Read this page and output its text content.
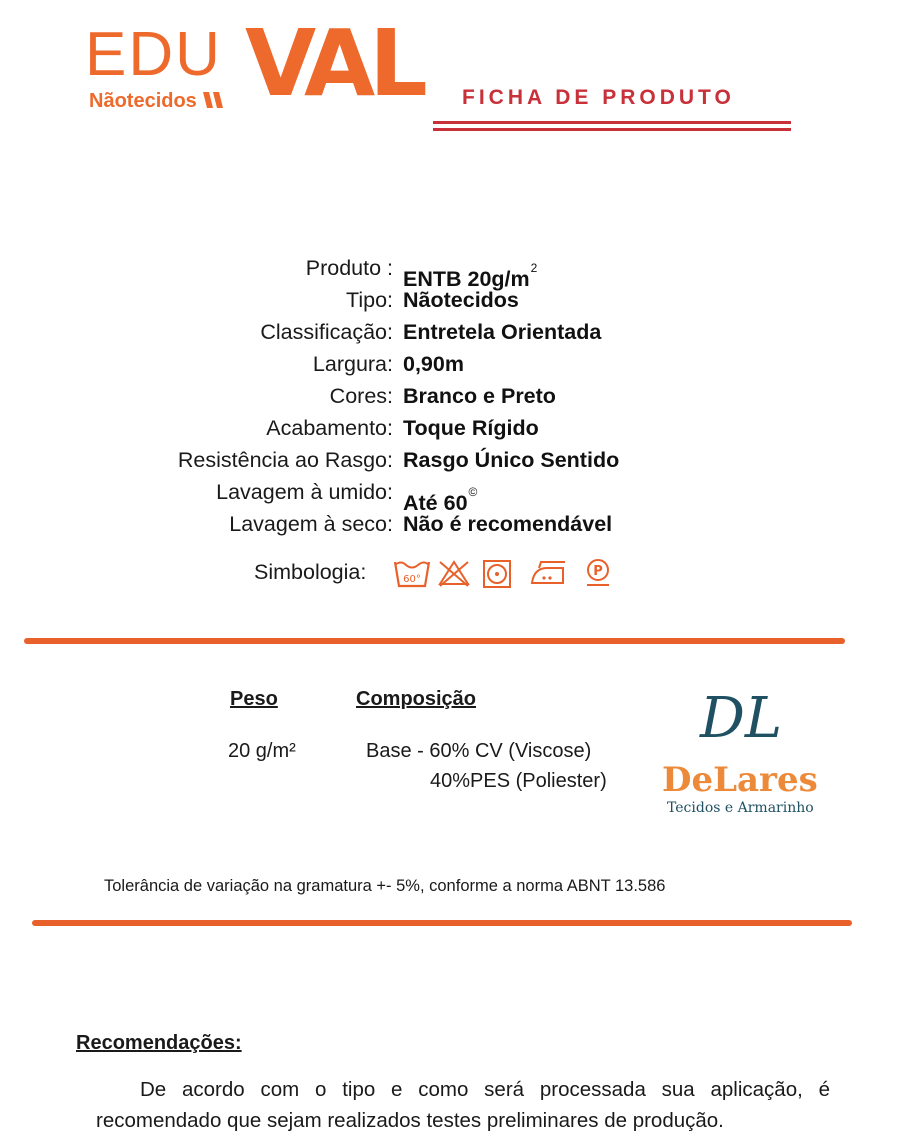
EDU VAL
Nãotecidos	FICHA DE PRODUTO
Produto : ENTB $20g/m^2$
Tipo: Nãotecidos
Classificação: Entretela Orientada
Largura: 0,90m
Cores: Branco e Preto
Acabamento: Toque Rígido
Resistência ao Rasgo: Rasgo Único Sentido
Lavagem à umido: Até 60©
Lavagem à seco: Não é recomendável
Simbologia:	60°
P
Peso	Composição
20 g/m²	Base - 60% CV (Viscose)
40%PES (Poliester)
DL
DeLares
Tecidos e Armarinho
Tolerância de variação na gramatura +- 5%, conforme a norma ABNT 13.586
Recomendações:
De acordo com o tipo e como será processada sua aplicação, é recomendado que sejam realizados testes preliminares de produção.
